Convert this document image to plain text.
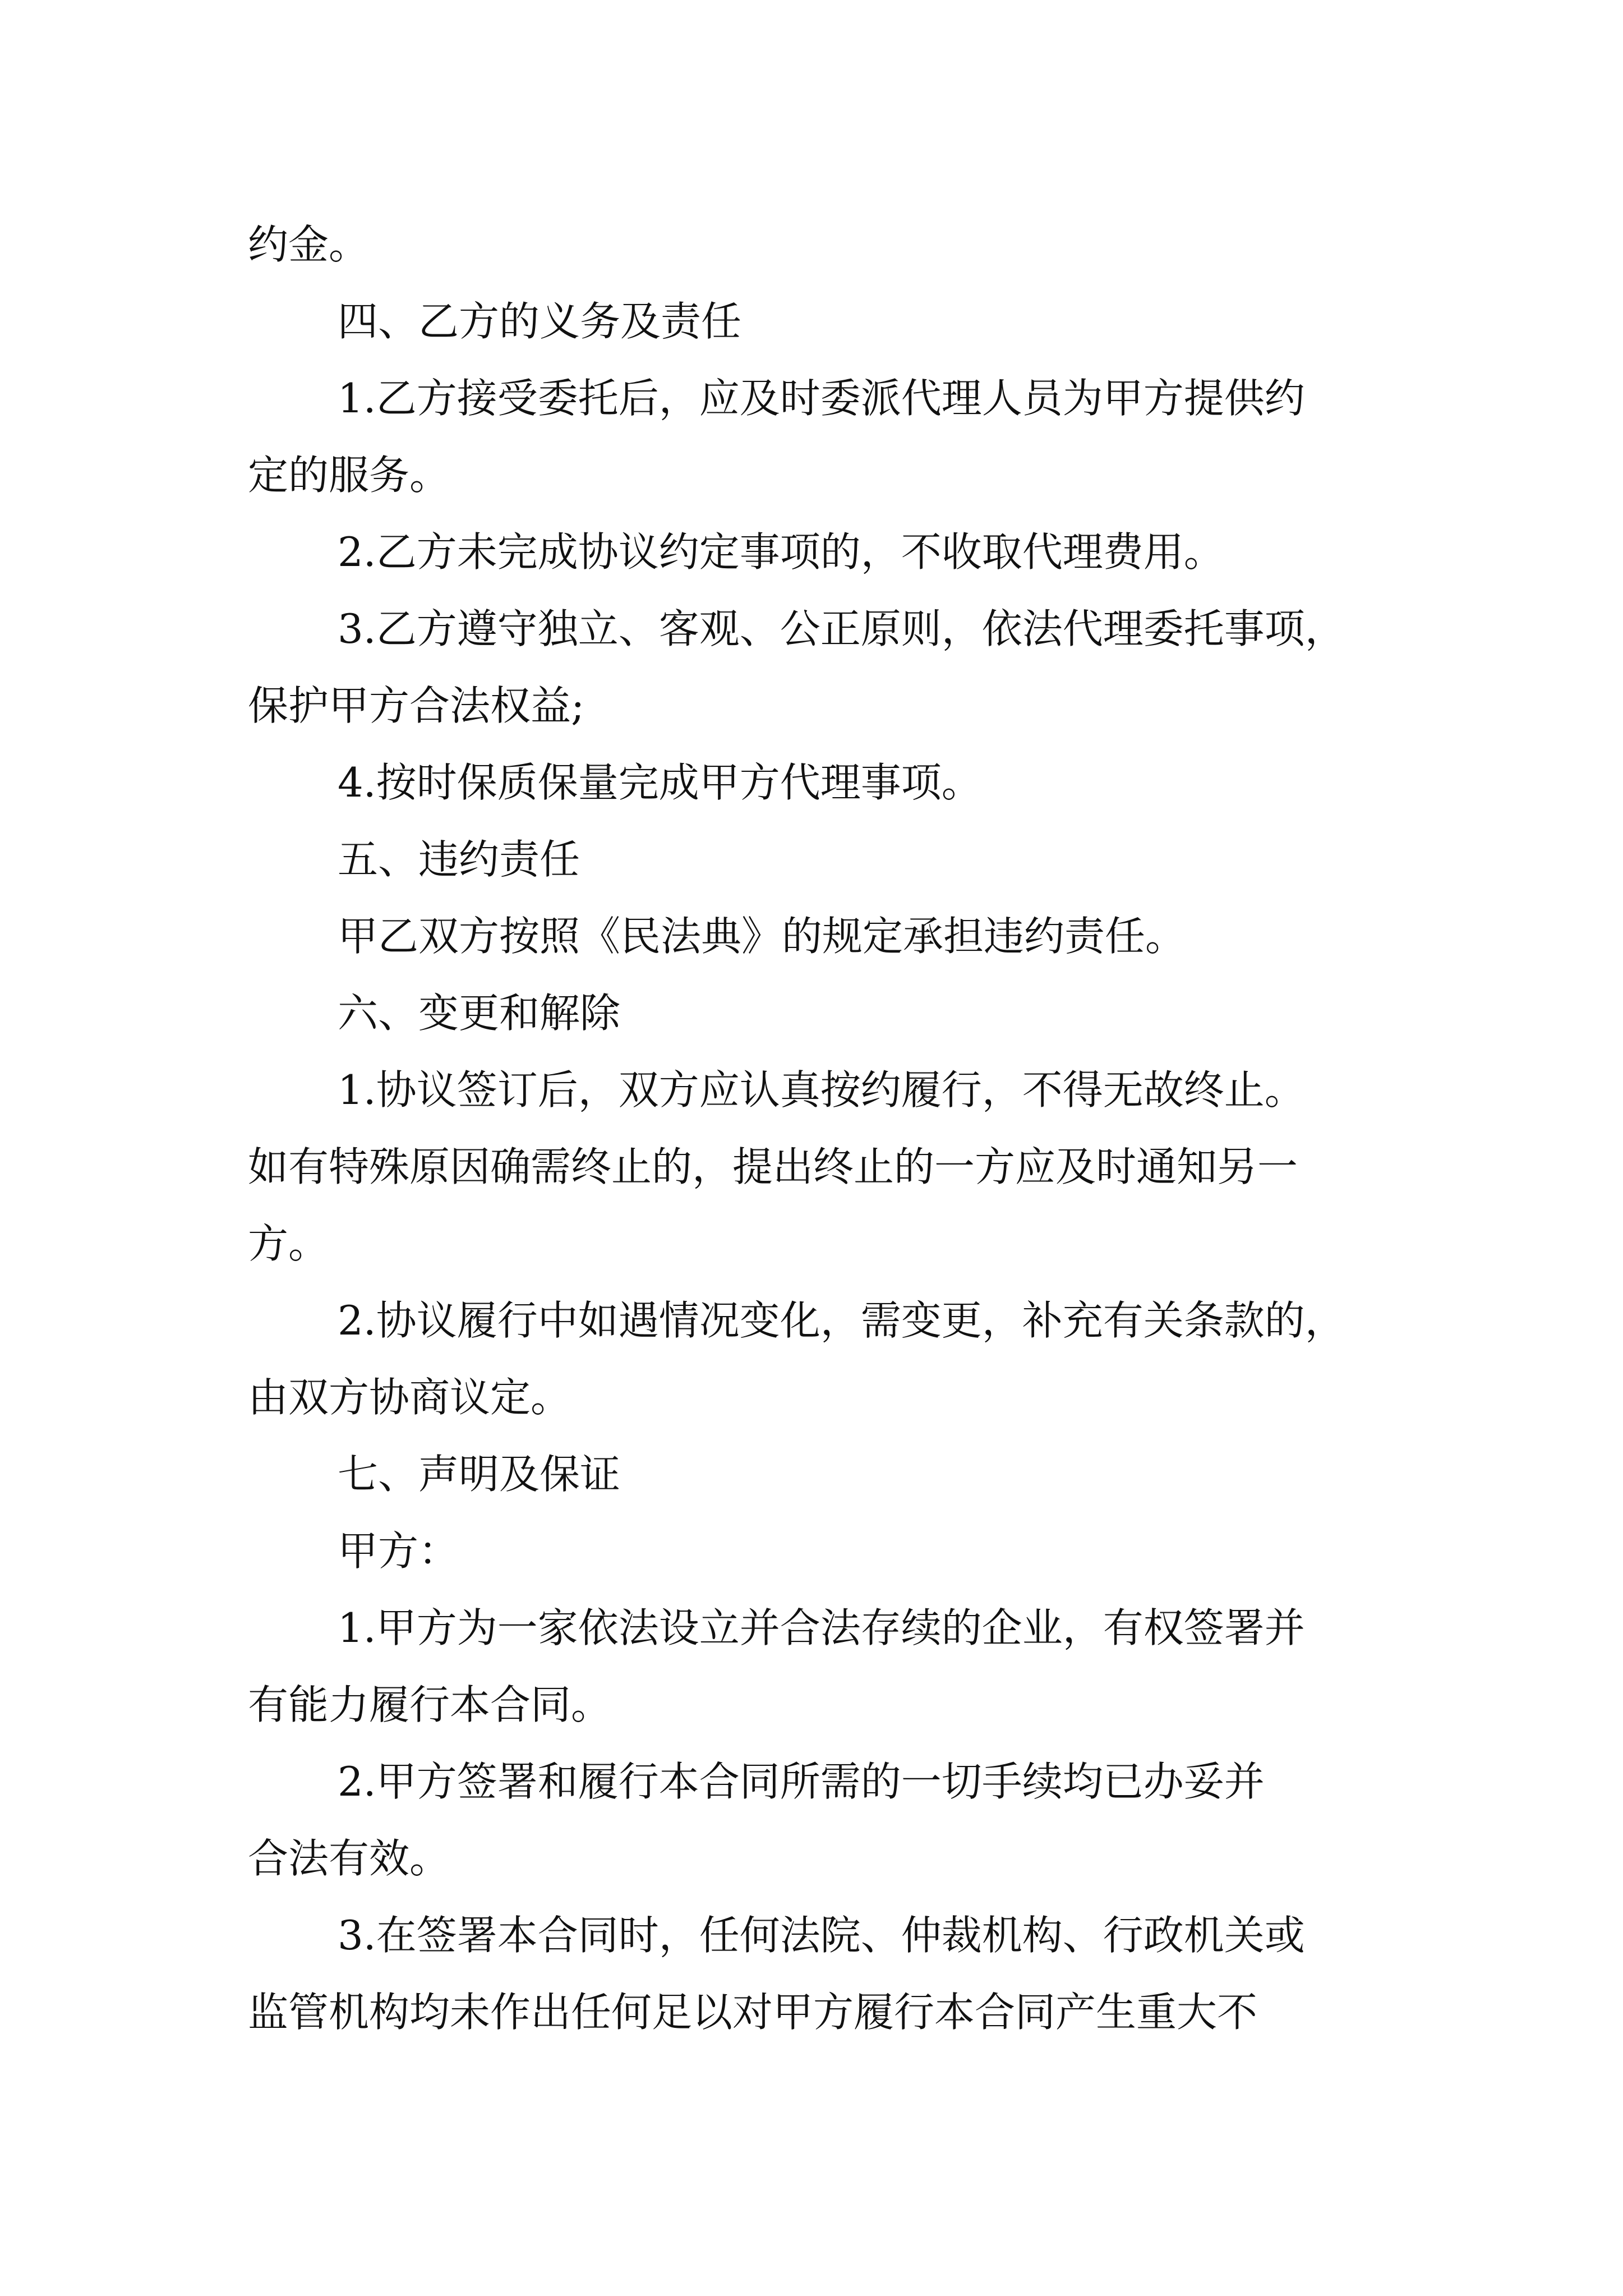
约金。
四、乙方的义务及责任
1.乙方接受委托后，应及时委派代理人员为甲方提供约
定的服务。
2.乙方未完成协议约定事项的，不收取代理费用。
3.乙方遵守独立、客观、公正原则，依法代理委托事项，
保护甲方合法权益;
4.按时保质保量完成甲方代理事项。
五、违约责任
甲乙双方按照《民法典》的规定承担违约责任。
六、变更和解除
1.协议签订后，双方应认真按约履行，不得无故终止。
如有特殊原因确需终止的，提出终止的一方应及时通知另一
方。
2.协议履行中如遇情况变化，需变更，补充有关条款的，
由双方协商议定。
七、声明及保证
甲方：
1.甲方为一家依法设立并合法存续的企业，有权签署并
有能力履行本合同。
2.甲方签署和履行本合同所需的一切手续均已办妥并
合法有效。
3.在签署本合同时，任何法院、仲裁机构、行政机关或
监管机构均未作出任何足以对甲方履行本合同产生重大不
